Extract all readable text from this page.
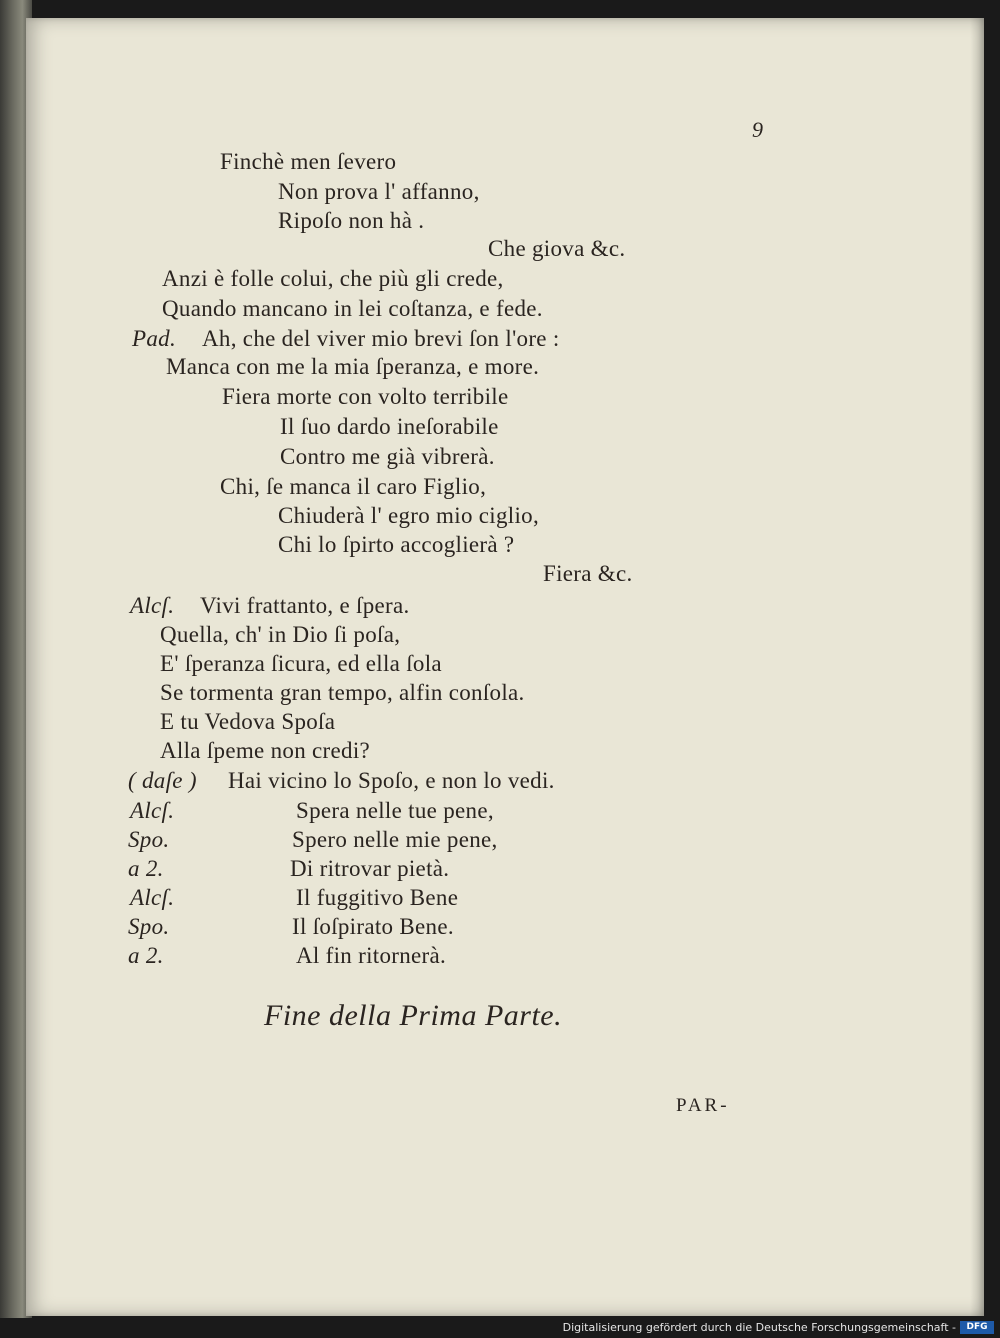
9
Finchè men ſevero
Non prova l' affanno,
Ripoſo non hà .
Che giova &c.
Anzi è folle colui, che più gli crede,
Quando mancano in lei coſtanza, e fede.
Pad. Ah, che del viver mio brevi ſon l'ore :
Manca con me la mia ſperanza, e more.
Fiera morte con volto terribile
Il ſuo dardo ineſorabile
Contro me già vibrerà.
Chi, ſe manca il caro Figlio,
Chiuderà l' egro mio ciglio,
Chi lo ſpirto accoglierà ?
Fiera &c.
Alcſ. Vivi frattanto, e ſpera.
Quella, ch' in Dio ſi poſa,
E' ſperanza ſicura, ed ella ſola
Se tormenta gran tempo, alfin conſola.
E tu Vedova Spoſa
Alla ſpeme non credi?
( daſe ) Hai vicino lo Spoſo, e non lo vedi.
Alcſ.	Spera nelle tue pene,
Spo.	Spero nelle mie pene,
a 2.	Di ritrovar pietà.
Alcſ.	Il fuggitivo Bene
Spo.	Il ſoſpirato Bene.
a 2.	Al fin ritornerà.
Fine della Prima Parte.
PAR-
Digitalisierung gefördert durch die Deutsche Forschungsgemeinschaft -	DFG
